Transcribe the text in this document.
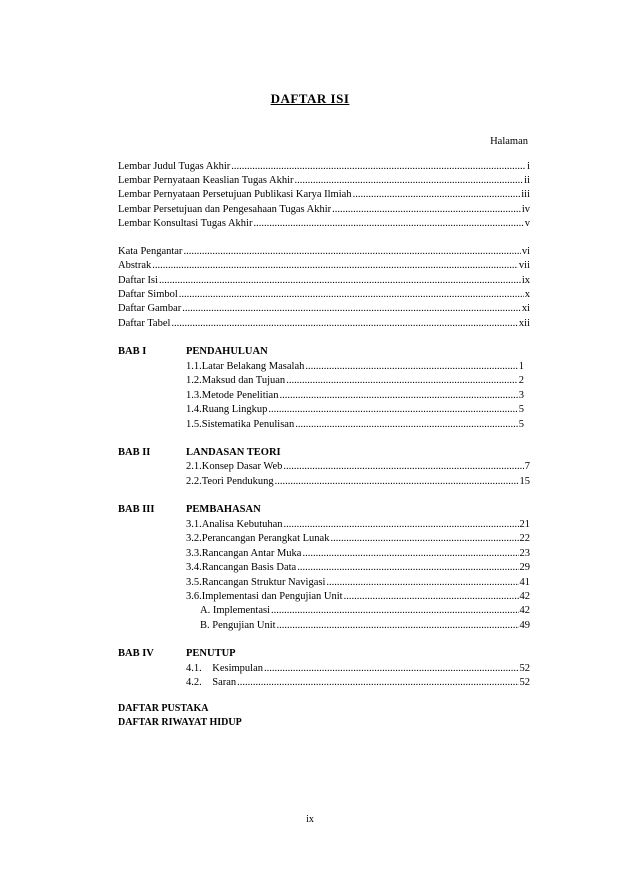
DAFTAR ISI
Halaman
Lembar Judul Tugas Akhir .....	i
Lembar Pernyataan Keaslian Tugas Akhir .....	ii
Lembar Pernyataan Persetujuan Publikasi Karya Ilmiah .....	iii
Lembar Persetujuan dan Pengesahaan Tugas Akhir .....	iv
Lembar Konsultasi Tugas Akhir .....	v
Kata Pengantar .....	vi
Abstrak .....	vii
Daftar Isi .....	ix
Daftar Simbol .....	x
Daftar Gambar .....	xi
Daftar Tabel .....	xii
BAB I	PENDAHULUAN
1.1.Latar Belakang Masalah .....	1
1.2.Maksud dan Tujuan .....	2
1.3.Metode Penelitian .....	3
1.4.Ruang Lingkup .....	5
1.5.Sistematika Penulisan .....	5
BAB II	LANDASAN TEORI
2.1.Konsep Dasar Web .....	7
2.2.Teori Pendukung .....	15
BAB III	PEMBAHASAN
3.1.Analisa Kebutuhan .....	21
3.2.Perancangan Perangkat Lunak .....	22
3.3.Rancangan Antar Muka .....	23
3.4.Rancangan Basis Data .....	29
3.5.Rancangan Struktur Navigasi .....	41
3.6.Implementasi dan Pengujian Unit .....	42
A. Implementasi .....	42
B. Pengujian Unit .....	49
BAB IV	PENUTUP
4.1.    Kesimpulan .....	52
4.2.    Saran .....	52
DAFTAR PUSTAKA
DAFTAR RIWAYAT HIDUP
ix
